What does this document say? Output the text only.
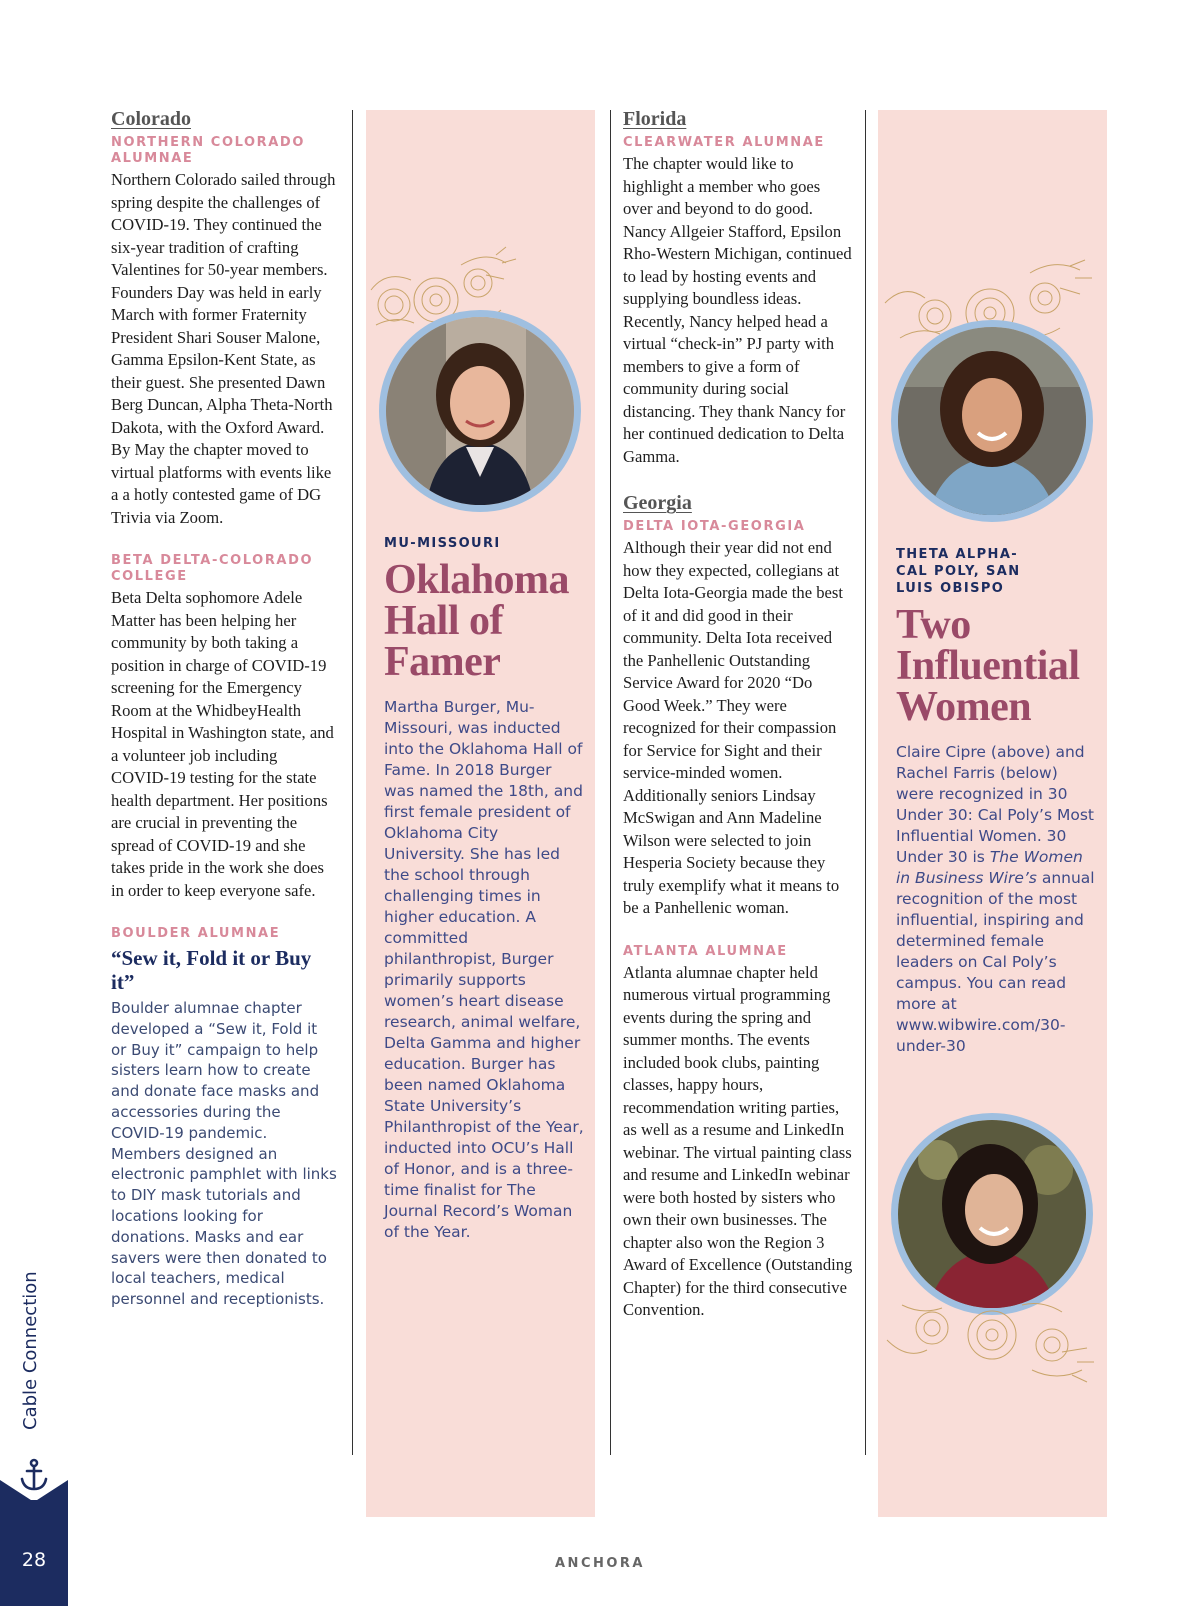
Colorado
NORTHERN COLORADO ALUMNAE

Northern Colorado sailed through spring despite the challenges of COVID-19. They continued the six-year tradition of crafting Valentines for 50-year members. Founders Day was held in early March with former Fraternity President Shari Souser Malone, Gamma Epsilon-Kent State, as their guest. She presented Dawn Berg Duncan, Alpha Theta-North Dakota, with the Oxford Award. By May the chapter moved to virtual platforms with events like a a hotly contested game of DG Trivia via Zoom.

BETA DELTA-COLORADO COLLEGE

Beta Delta sophomore Adele Matter has been helping her community by both taking a position in charge of COVID-19 screening for the Emergency Room at the WhidbeyHealth Hospital in Washington state, and a volunteer job including COVID-19 testing for the state health department. Her positions are crucial in preventing the spread of COVID-19 and she takes pride in the work she does in order to keep everyone safe.

BOULDER ALUMNAE
“Sew it, Fold it or Buy it”

Boulder alumnae chapter developed a “Sew it, Fold it or Buy it” campaign to help sisters learn how to create and donate face masks and accessories during the COVID-19 pandemic. Members designed an electronic pamphlet with links to DIY mask tutorials and locations looking for donations. Masks and ear savers were then donated to local teachers, medical personnel and receptionists.

MU-MISSOURI
Oklahoma Hall of Famer

Martha Burger, Mu-Missouri, was inducted into the Oklahoma Hall of Fame. In 2018 Burger was named the 18th, and first female president of Oklahoma City University. She has led the school through challenging times in higher education. A committed philanthropist, Burger primarily supports women’s heart disease research, animal welfare, Delta Gamma and higher education. Burger has been named Oklahoma State University’s Philanthropist of the Year, inducted into OCU’s Hall of Honor, and is a three-time finalist for The Journal Record’s Woman of the Year.

Florida
CLEARWATER ALUMNAE

The chapter would like to highlight a member who goes over and beyond to do good. Nancy Allgeier Stafford, Epsilon Rho-Western Michigan, continued to lead by hosting events and supplying boundless ideas. Recently, Nancy helped head a virtual “check-in” PJ party with members to give a form of community during social distancing. They thank Nancy for her continued dedication to Delta Gamma.

Georgia
DELTA IOTA-GEORGIA

Although their year did not end how they expected, collegians at Delta Iota-Georgia made the best of it and did good in their community. Delta Iota received the Panhellenic Outstanding Service Award for 2020 “Do Good Week.” They were recognized for their compassion for Service for Sight and their service-minded women. Additionally seniors Lindsay McSwigan and Ann Madeline Wilson were selected to join Hesperia Society because they truly exemplify what it means to be a Panhellenic woman.

ATLANTA ALUMNAE

Atlanta alumnae chapter held numerous virtual programming events during the spring and summer months. The events included book clubs, painting classes, happy hours, recommendation writing parties, as well as a resume and LinkedIn webinar. The virtual painting class and resume and LinkedIn webinar were both hosted by sisters who own their own businesses. The chapter also won the Region 3 Award of Excellence (Outstanding Chapter) for the third consecutive Convention.

THETA ALPHA-CAL POLY, SAN LUIS OBISPO
Two Influential Women

Claire Cipre (above) and Rachel Farris (below) were recognized in 30 Under 30: Cal Poly’s Most Influential Women. 30 Under 30 is The Women in Business Wire’s annual recognition of the most influential, inspiring and determined female leaders on Cal Poly’s campus. You can read more at www.wibwire.com/30-under-30

Cable Connection
28	ANCHORA
